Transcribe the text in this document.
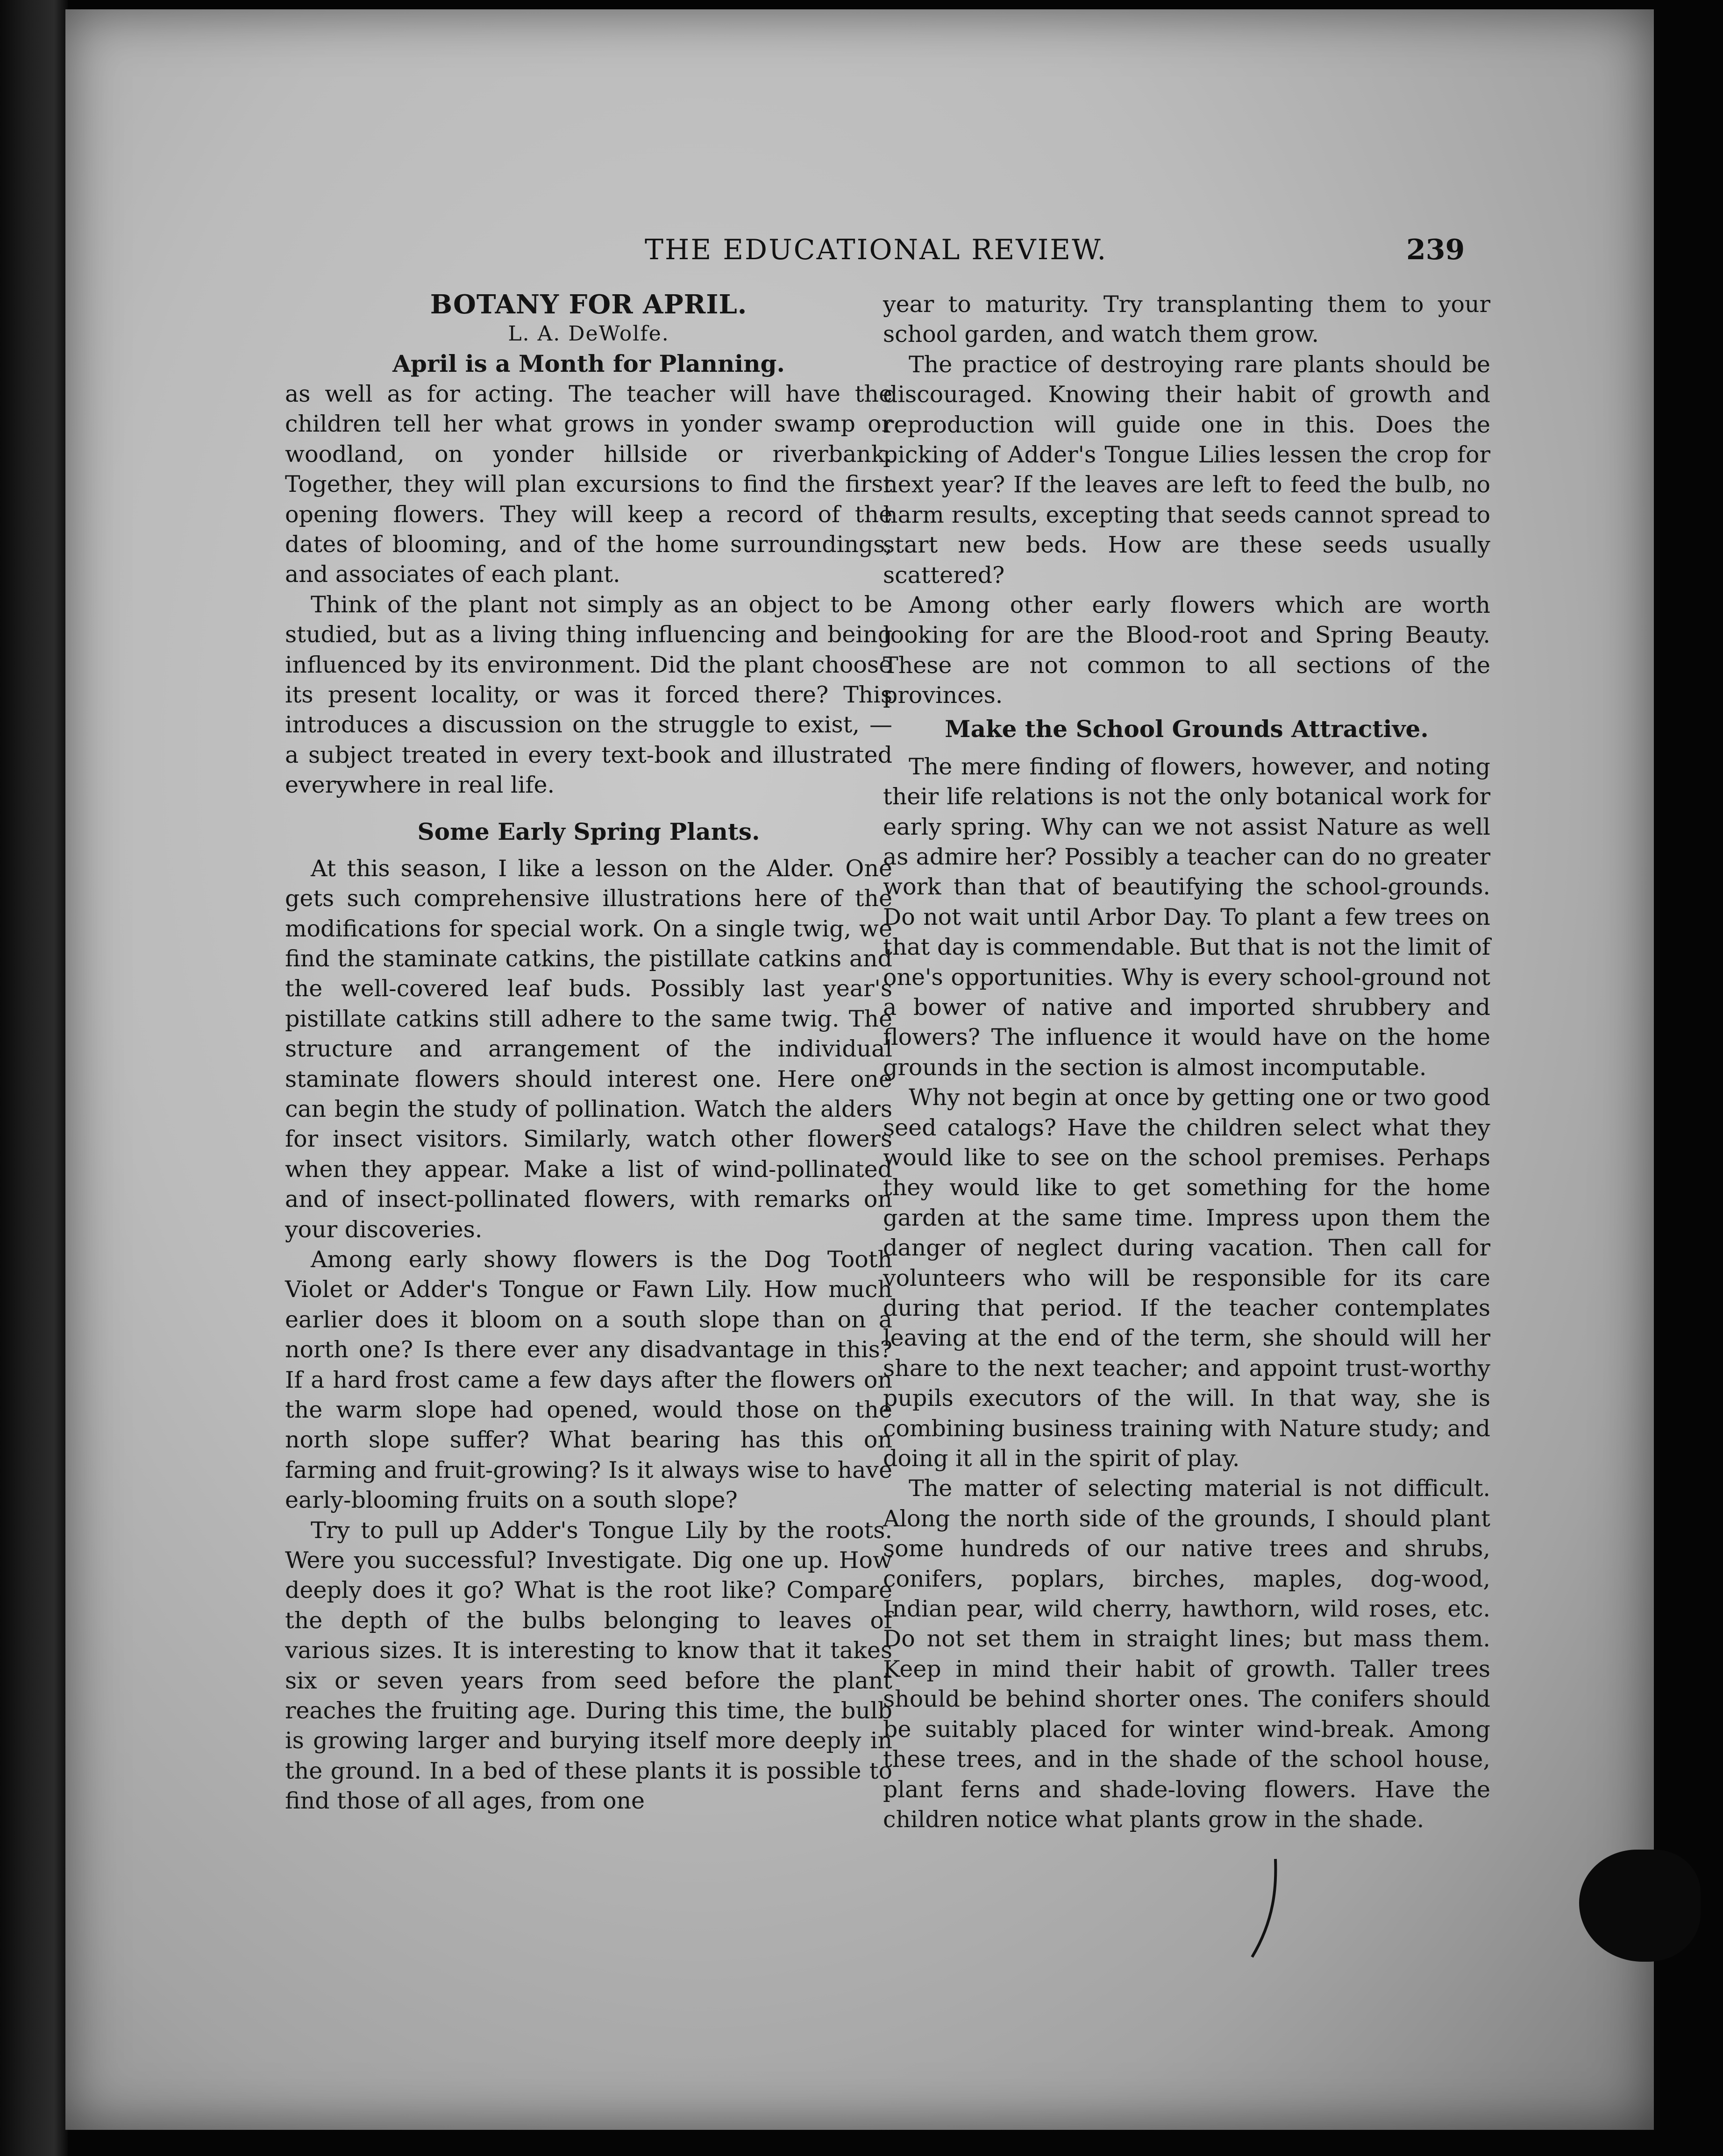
THE EDUCATIONAL REVIEW.	239
BOTANY FOR APRIL.
L. A. DeWolfe.
April is a Month for Planning.

as well as for acting. The teacher will have the children tell her what grows in yonder swamp or woodland, on yonder hillside or riverbank. Together, they will plan excursions to find the first opening flowers. They will keep a record of the dates of blooming, and of the home surroundings, and associates of each plant.

Think of the plant not simply as an object to be studied, but as a living thing influencing and being influenced by its environment. Did the plant choose its present locality, or was it forced there? This introduces a discussion on the struggle to exist, — a subject treated in every text-book and illustrated everywhere in real life.

Some Early Spring Plants.

At this season, I like a lesson on the Alder. One gets such comprehensive illustrations here of the modifications for special work. On a single twig, we find the staminate catkins, the pistillate catkins and the well-covered leaf buds. Possibly last year's pistillate catkins still adhere to the same twig. The structure and arrangement of the individual staminate flowers should interest one. Here one can begin the study of pollination. Watch the alders for insect visitors. Similarly, watch other flowers when they appear. Make a list of wind-pollinated and of insect-pollinated flowers, with remarks on your discoveries.

Among early showy flowers is the Dog Tooth Violet or Adder's Tongue or Fawn Lily. How much earlier does it bloom on a south slope than on a north one? Is there ever any disadvantage in this? If a hard frost came a few days after the flowers on the warm slope had opened, would those on the north slope suffer? What bearing has this on farming and fruit-growing? Is it always wise to have early-blooming fruits on a south slope?

Try to pull up Adder's Tongue Lily by the roots. Were you successful? Investigate. Dig one up. How deeply does it go? What is the root like? Compare the depth of the bulbs belonging to leaves of various sizes. It is interesting to know that it takes six or seven years from seed before the plant reaches the fruiting age. During this time, the bulb is growing larger and burying itself more deeply in the ground. In a bed of these plants it is possible to find those of all ages, from one

year to maturity. Try transplanting them to your school garden, and watch them grow.

The practice of destroying rare plants should be discouraged. Knowing their habit of growth and reproduction will guide one in this. Does the picking of Adder's Tongue Lilies lessen the crop for next year? If the leaves are left to feed the bulb, no harm results, excepting that seeds cannot spread to start new beds. How are these seeds usually scattered?

Among other early flowers which are worth looking for are the Blood-root and Spring Beauty. These are not common to all sections of the provinces.

Make the School Grounds Attractive.

The mere finding of flowers, however, and noting their life relations is not the only botanical work for early spring. Why can we not assist Nature as well as admire her? Possibly a teacher can do no greater work than that of beautifying the school-grounds. Do not wait until Arbor Day. To plant a few trees on that day is commendable. But that is not the limit of one's opportunities. Why is every school-ground not a bower of native and imported shrubbery and flowers? The influence it would have on the home grounds in the section is almost incomputable.

Why not begin at once by getting one or two good seed catalogs? Have the children select what they would like to see on the school premises. Perhaps they would like to get something for the home garden at the same time. Impress upon them the danger of neglect during vacation. Then call for volunteers who will be responsible for its care during that period. If the teacher contemplates leaving at the end of the term, she should will her share to the next teacher; and appoint trust-worthy pupils executors of the will. In that way, she is combining business training with Nature study; and doing it all in the spirit of play.

The matter of selecting material is not difficult. Along the north side of the grounds, I should plant some hundreds of our native trees and shrubs, conifers, poplars, birches, maples, dog-wood, Indian pear, wild cherry, hawthorn, wild roses, etc. Do not set them in straight lines; but mass them. Keep in mind their habit of growth. Taller trees should be behind shorter ones. The conifers should be suitably placed for winter wind-break. Among these trees, and in the shade of the school house, plant ferns and shade-loving flowers. Have the children notice what plants grow in the shade.
